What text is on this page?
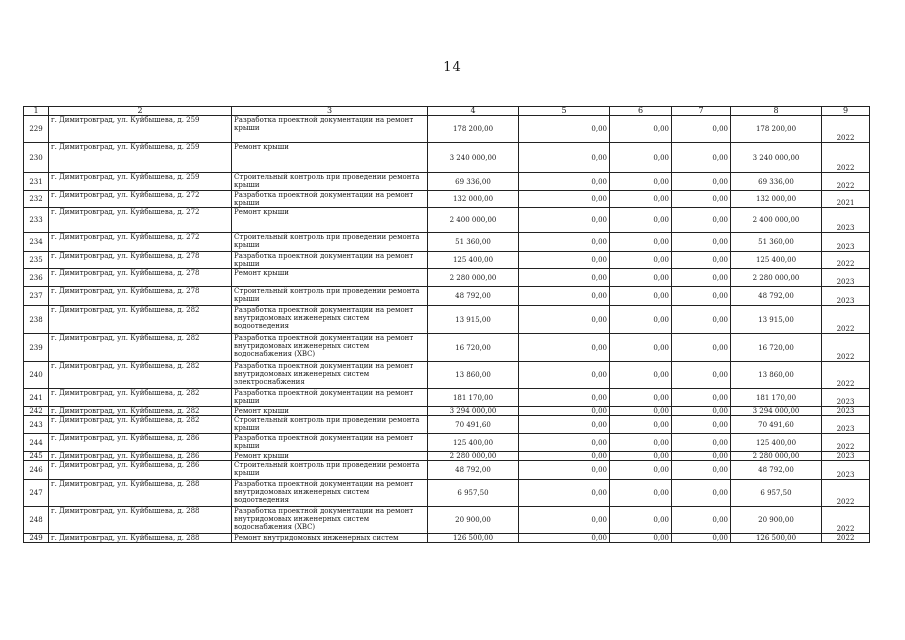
14
1	2	3	4	5	6	7	8	9
229	г. Димитровград, ул. Куйбышева, д. 259	Разработка проектной документации на ремонт крыши	178 200,00	0,00	0,00	0,00	178 200,00	2022
230	г. Димитровград, ул. Куйбышева, д. 259	Ремонт крыши	3 240 000,00	0,00	0,00	0,00	3 240 000,00	2022
231	г. Димитровград, ул. Куйбышева, д. 259	Строительный контроль при проведении ремонта крыши	69 336,00	0,00	0,00	0,00	69 336,00	2022
232	г. Димитровград, ул. Куйбышева, д. 272	Разработка проектной документации на ремонт крыши	132 000,00	0,00	0,00	0,00	132 000,00	2021
233	г. Димитровград, ул. Куйбышева, д. 272	Ремонт крыши	2 400 000,00	0,00	0,00	0,00	2 400 000,00	2023
234	г. Димитровград, ул. Куйбышева, д. 272	Строительный контроль при проведении ремонта крыши	51 360,00	0,00	0,00	0,00	51 360,00	2023
235	г. Димитровград, ул. Куйбышева, д. 278	Разработка проектной документации на ремонт крыши	125 400,00	0,00	0,00	0,00	125 400,00	2022
236	г. Димитровград, ул. Куйбышева, д. 278	Ремонт крыши	2 280 000,00	0,00	0,00	0,00	2 280 000,00	2023
237	г. Димитровград, ул. Куйбышева, д. 278	Строительный контроль при проведении ремонта крыши	48 792,00	0,00	0,00	0,00	48 792,00	2023
238	г. Димитровград, ул. Куйбышева, д. 282	Разработка проектной документации на ремонт внутридомовых инженерных систем водоотведения	13 915,00	0,00	0,00	0,00	13 915,00	2022
239	г. Димитровград, ул. Куйбышева, д. 282	Разработка проектной документации на ремонт внутридомовых инженерных систем водоснабжения (ХВС)	16 720,00	0,00	0,00	0,00	16 720,00	2022
240	г. Димитровград, ул. Куйбышева, д. 282	Разработка проектной документации на ремонт внутридомовых инженерных систем электроснабжения	13 860,00	0,00	0,00	0,00	13 860,00	2022
241	г. Димитровград, ул. Куйбышева, д. 282	Разработка проектной документации на ремонт крыши	181 170,00	0,00	0,00	0,00	181 170,00	2023
242	г. Димитровград, ул. Куйбышева, д. 282	Ремонт крыши	3 294 000,00	0,00	0,00	0,00	3 294 000,00	2023
243	г. Димитровград, ул. Куйбышева, д. 282	Строительный контроль при проведении ремонта крыши	70 491,60	0,00	0,00	0,00	70 491,60	2023
244	г. Димитровград, ул. Куйбышева, д. 286	Разработка проектной документации на ремонт крыши	125 400,00	0,00	0,00	0,00	125 400,00	2022
245	г. Димитровград, ул. Куйбышева, д. 286	Ремонт крыши	2 280 000,00	0,00	0,00	0,00	2 280 000,00	2023
246	г. Димитровград, ул. Куйбышева, д. 286	Строительный контроль при проведении ремонта крыши	48 792,00	0,00	0,00	0,00	48 792,00	2023
247	г. Димитровград, ул. Куйбышева, д. 288	Разработка проектной документации на ремонт внутридомовых инженерных систем водоотведения	6 957,50	0,00	0,00	0,00	6 957,50	2022
248	г. Димитровград, ул. Куйбышева, д. 288	Разработка проектной документации на ремонт внутридомовых инженерных систем водоснабжения (ХВС)	20 900,00	0,00	0,00	0,00	20 900,00	2022
249	г. Димитровград, ул. Куйбышева, д. 288	Ремонт внутридомовых инженерных систем	126 500,00	0,00	0,00	0,00	126 500,00	2022
